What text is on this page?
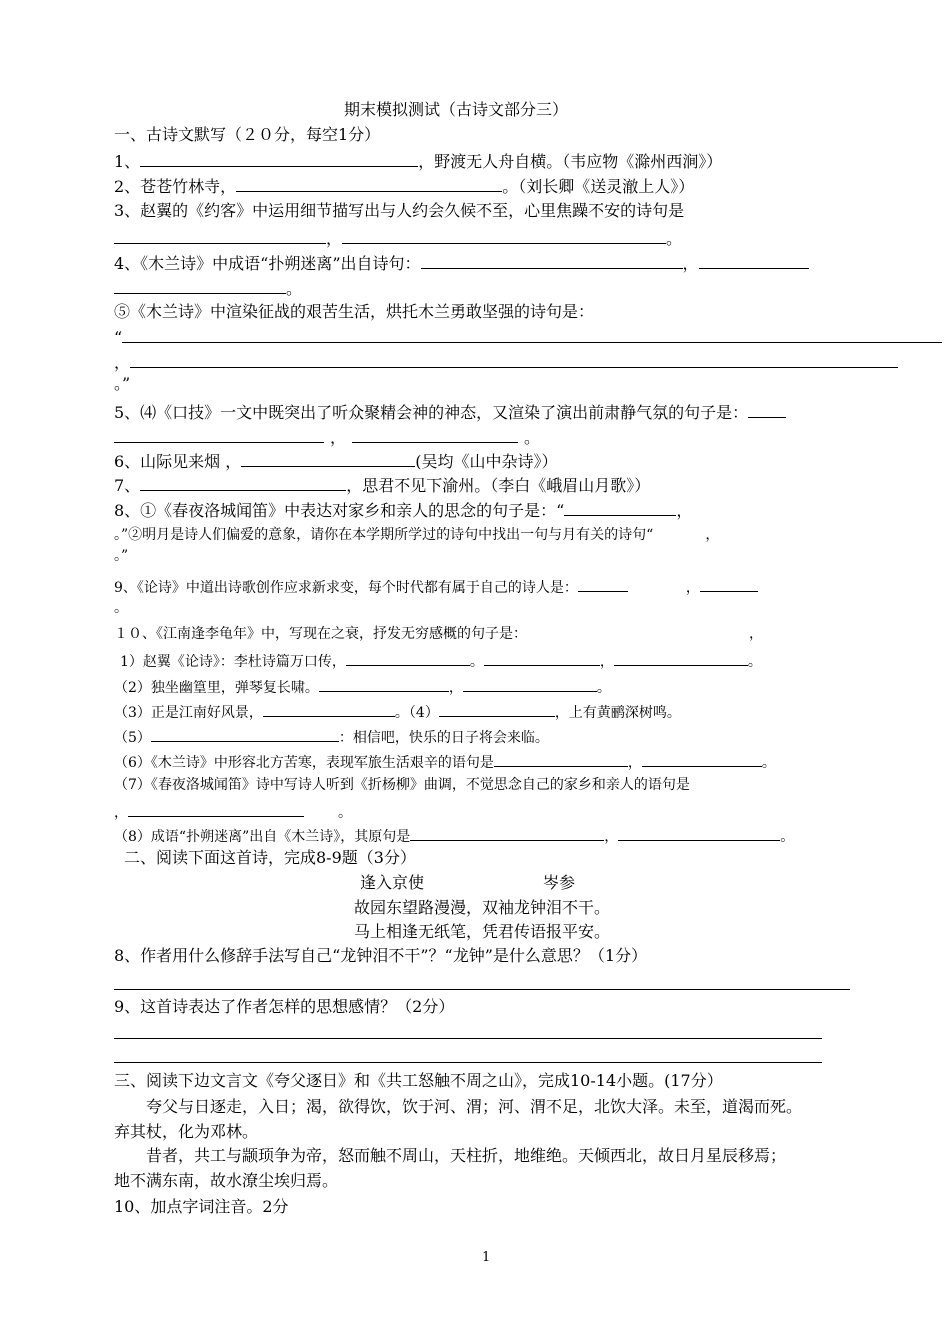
期末模拟测试（古诗文部分三）
一、古诗文默写（２０分，每空1分）
1、	，野渡无人舟自横。（韦应物《滁州西涧》）
2、苍苍竹林寺，	。（刘长卿《送灵澈上人》）
3、赵翼的《约客》中运用细节描写出与人约会久候不至，心里焦躁不安的诗句是
，	。
4、《木兰诗》中成语“扑朔迷离”出自诗句：	，
。
⑤《木兰诗》中渲染征战的艰苦生活，烘托木兰勇敢坚强的诗句是：
“
，
。”
5、⑷《口技》一文中既突出了听众聚精会神的神态，又渲染了演出前肃静气氛的句子是：
，	。
6、山际见来烟 ，	(吴均《山中杂诗》）
7、	，思君不见下渝州。（李白《峨眉山月歌》）
8、①《春夜洛城闻笛》中表达对家乡和亲人的思念的句子是：“	，
。”②明月是诗人们偏爱的意象，请你在本学期所学过的诗句中找出一句与月有关的诗句“	，
。”
9、《论诗》中道出诗歌创作应求新求变，每个时代都有属于自己的诗人是：	，
。
１０、《江南逢李龟年》中，写现在之衰，抒发无穷感概的句子是：	，
1）赵翼《论诗》：李杜诗篇万口传，	。	，	。
（2）独坐幽篁里，弹琴复长啸。	，	。
（3）正是江南好风景，	。（4）	，上有黄鹂深树鸣。
（5）	：相信吧，快乐的日子将会来临。
（6）《木兰诗》中形容北方苦寒，表现军旅生活艰辛的语句是	，	。
（7）《春夜洛城闻笛》诗中写诗人听到《折杨柳》曲调，不觉思念自己的家乡和亲人的语句是
，	。
（8）成语“扑朔迷离”出自《木兰诗》，其原句是	，	。
二、阅读下面这首诗，完成8-9题（3分）
逢入京使	岑参
故园东望路漫漫，双袖龙钟泪不干。
马上相逢无纸笔，凭君传语报平安。
8、作者用什么修辞手法写自己“龙钟泪不干”？“龙钟”是什么意思？（1分）
9、这首诗表达了作者怎样的思想感情？（2分）
三、阅读下边文言文《夸父逐日》和《共工怒触不周之山》，完成10-14小题。(17分）
夸父与日逐走，入日；渴，欲得饮，饮于河、渭；河、渭不足，北饮大泽。未至，道渴而死。
弃其杖，化为邓林。
昔者，共工与颛顼争为帝，怒而触不周山，天柱折，地维绝。天倾西北，故日月星辰移焉；
地不满东南，故水潦尘埃归焉。
10、加点字词注音。2分
1
